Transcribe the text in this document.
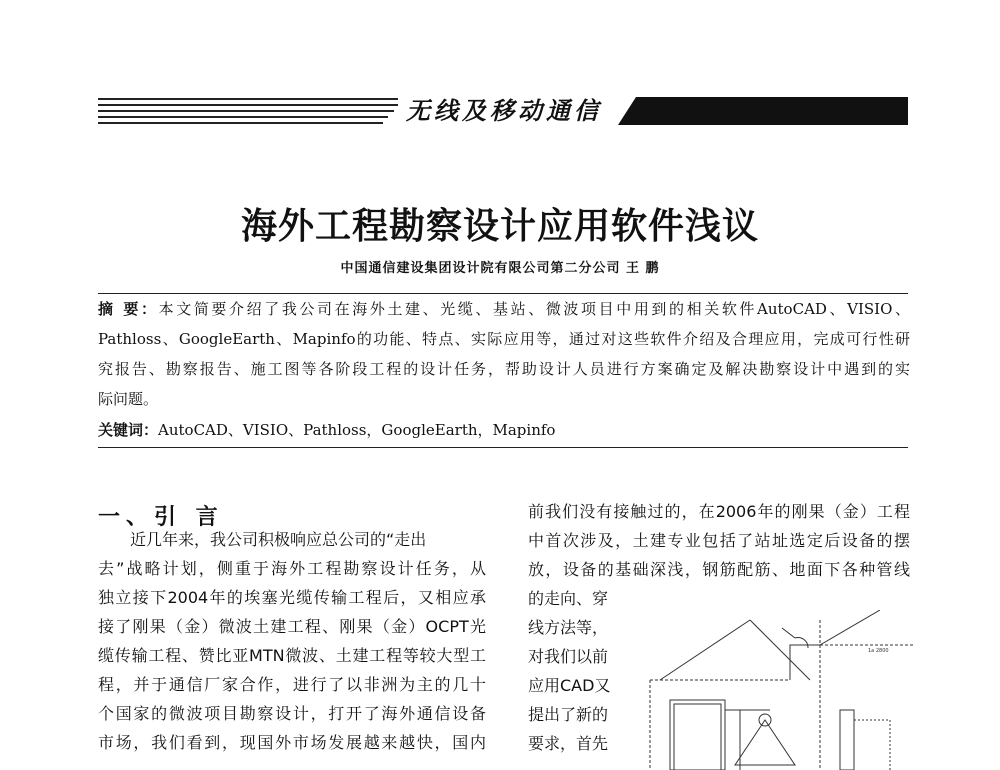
无线及移动通信
海外工程勘察设计应用软件浅议
中国通信建设集团设计院有限公司第二分公司 王 鹏
摘 要：本文简要介绍了我公司在海外土建、光缆、基站、微波项目中用到的相关软件AutoCAD、VISIO、
Pathloss、GoogleEarth、Mapinfo的功能、特点、实际应用等，通过对这些软件介绍及合理应用，完成可行性研
究报告、勘察报告、施工图等各阶段工程的设计任务，帮助设计人员进行方案确定及解决勘察设计中遇到的实
际问题。
关键词：AutoCAD、VISIO、Pathloss，GoogleEarth，Mapinfo
一、引 言
近几年来，我公司积极响应总公司的“走出
去”战略计划，侧重于海外工程勘察设计任务，从
独立接下2004年的埃塞光缆传输工程后，又相应承
接了刚果（金）微波土建工程、刚果（金）OCPT光
缆传输工程、赞比亚MTN微波、土建工程等较大型工
程，并于通信厂家合作，进行了以非洲为主的几十
个国家的微波项目勘察设计，打开了海外通信设备
市场，我们看到，现国外市场发展越来越快，国内
前我们没有接触过的，在2006年的刚果（金）工程
中首次涉及，土建专业包括了站址选定后设备的摆
放，设备的基础深浅，钢筋配筋、地面下各种管线
的走向、穿
线方法等，
对我们以前
应用CAD又
提出了新的
要求，首先
1a 2800
